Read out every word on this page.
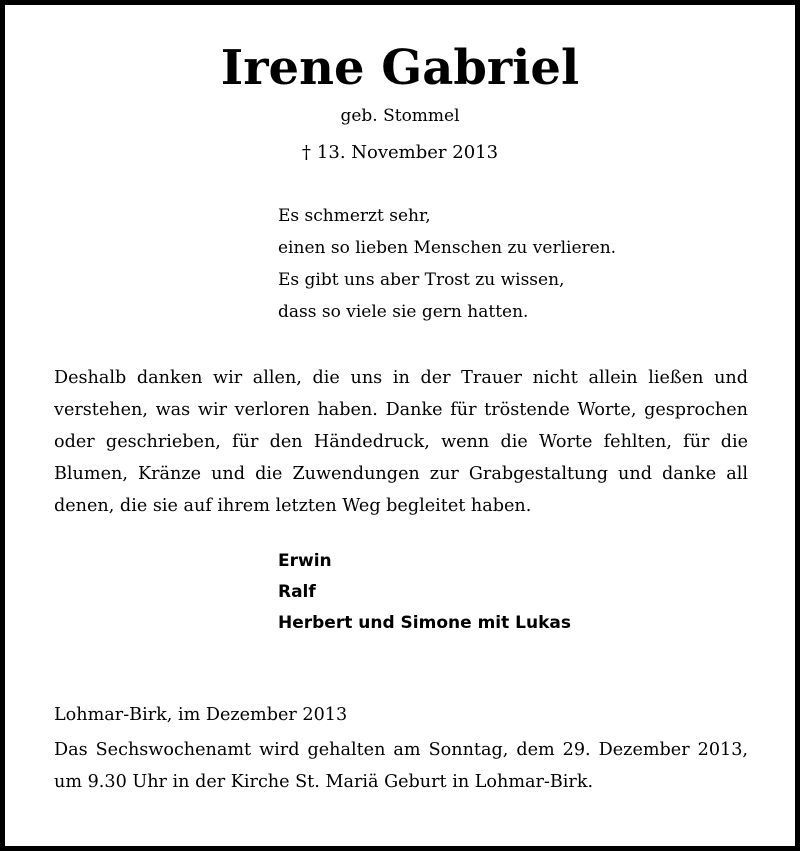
Irene Gabriel
geb. Stommel
† 13. November 2013
Es schmerzt sehr,
einen so lieben Menschen zu verlieren.
Es gibt uns aber Trost zu wissen,
dass so viele sie gern hatten.
Deshalb danken wir allen, die uns in der Trauer nicht allein ließen und verstehen, was wir verloren haben. Danke für tröstende Worte, gesprochen oder geschrieben, für den Händedruck, wenn die Worte fehlten, für die Blumen, Kränze und die Zuwendungen zur Grabgestaltung und danke all denen, die sie auf ihrem letzten Weg begleitet haben.
Erwin
Ralf
Herbert und Simone mit Lukas
Lohmar-Birk, im Dezember 2013
Das Sechswochenamt wird gehalten am Sonntag, dem 29. Dezember 2013, um 9.30 Uhr in der Kirche St. Mariä Geburt in Lohmar-Birk.
